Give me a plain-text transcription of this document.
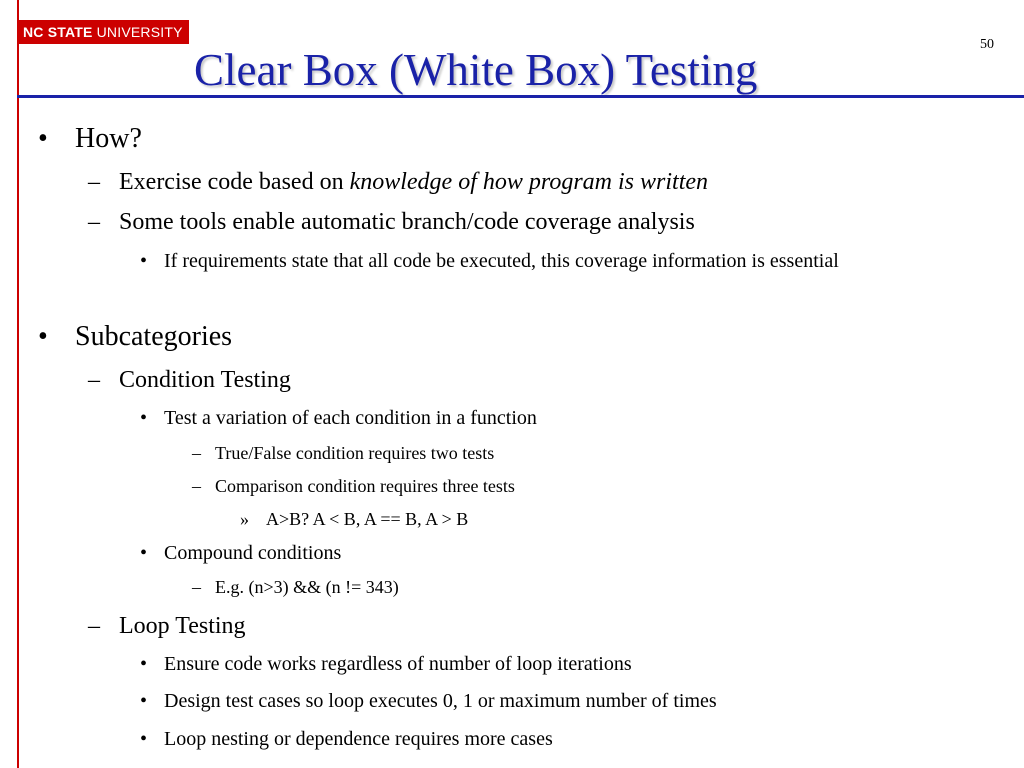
NC STATE UNIVERSITY
Clear Box (White Box) Testing
50
• How?
– Exercise code based on knowledge of how program is written
– Some tools enable automatic branch/code coverage analysis
• If requirements state that all code be executed, this coverage information is essential
• Subcategories
– Condition Testing
• Test a variation of each condition in a function
– True/False condition requires two tests
– Comparison condition requires three tests
» A>B? A < B, A == B, A > B
• Compound conditions
– E.g. (n>3) && (n != 343)
– Loop Testing
• Ensure code works regardless of number of loop iterations
• Design test cases so loop executes 0, 1 or maximum number of times
• Loop nesting or dependence requires more cases
